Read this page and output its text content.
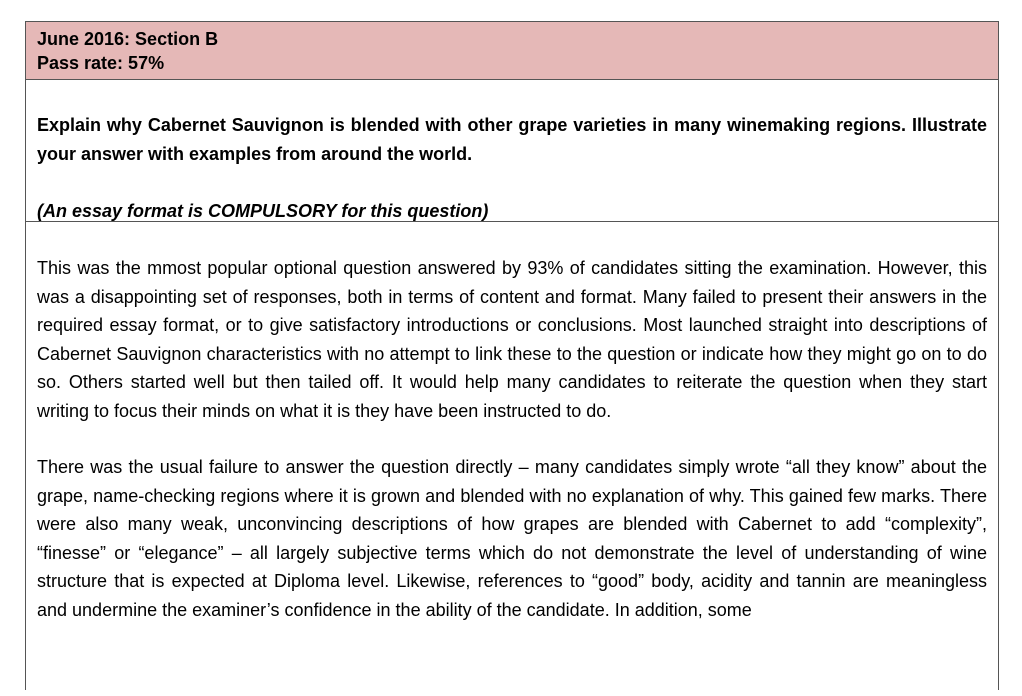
June 2016: Section B
Pass rate: 57%

Explain why Cabernet Sauvignon is blended with other grape varieties in many winemaking regions. Illustrate your answer with examples from around the world.

(An essay format is COMPULSORY for this question)

This was the mmost popular optional question answered by 93% of candidates sitting the examination. However, this was a disappointing set of responses, both in terms of content and format. Many failed to present their answers in the required essay format, or to give satisfactory introductions or conclusions. Most launched straight into descriptions of Cabernet Sauvignon characteristics with no attempt to link these to the question or indicate how they might go on to do so. Others started well but then tailed off. It would help many candidates to reiterate the question when they start writing to focus their minds on what it is they have been instructed to do.

There was the usual failure to answer the question directly – many candidates simply wrote “all they know” about the grape, name-checking regions where it is grown and blended with no explanation of why. This gained few marks. There were also many weak, unconvincing descriptions of how grapes are blended with Cabernet to add “complexity”, “finesse” or “elegance” – all largely subjective terms which do not demonstrate the level of understanding of wine structure that is expected at Diploma level. Likewise, references to “good” body, acidity and tannin are meaningless and undermine the examiner’s confidence in the ability of the candidate. In addition, some
